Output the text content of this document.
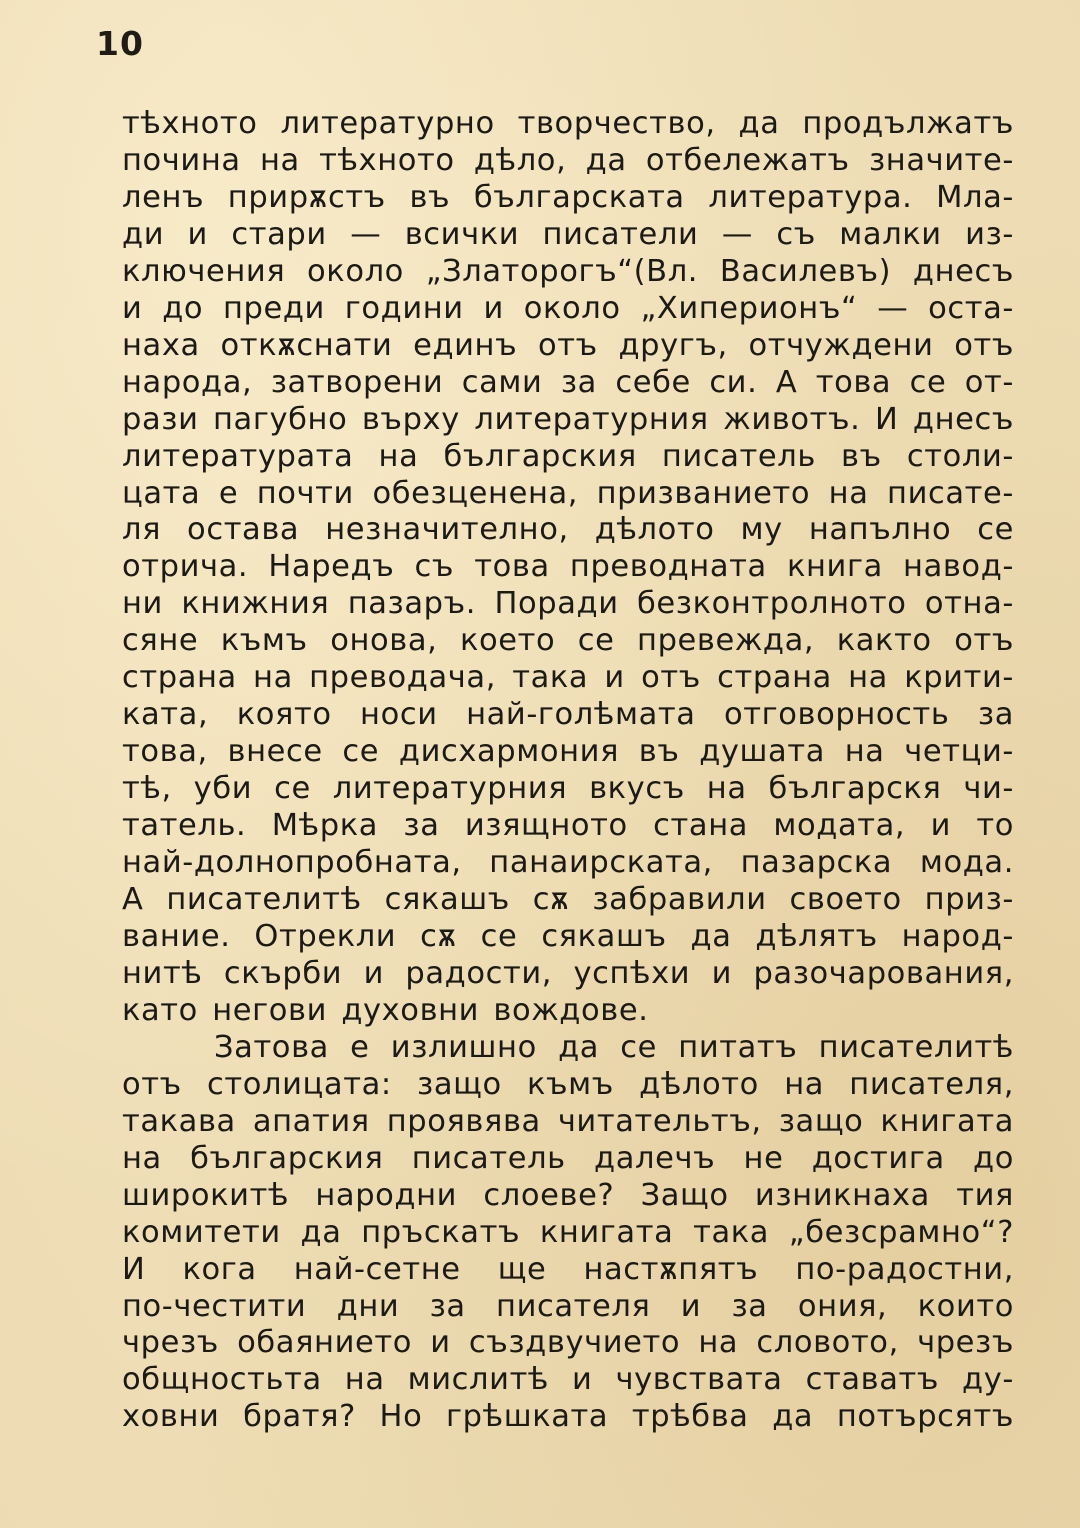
10
тѣхното литературно творчество, да продължатъ
почина на тѣхното дѣло, да отбележатъ значите-
ленъ прирѫстъ въ българската литература. Мла-
ди и стари — всички писатели — съ малки из-
ключения около „Златорогъ“(Вл. Василевъ) днесъ
и до преди години и около „Хиперионъ“ — оста-
наха откѫснати единъ отъ другъ, отчуждени отъ
народа, затворени сами за себе си. А това се от-
рази пагубно върху литературния животъ. И днесъ
литературата на българския писатель въ столи-
цата е почти обезценена, призванието на писате-
ля остава незначително, дѣлото му напълно се
отрича. Наредъ съ това преводната книга навод-
ни книжния пазаръ. Поради безконтролното отна-
сяне къмъ онова, което се превежда, както отъ
страна на преводача, така и отъ страна на крити-
ката, която носи най-голѣмата отговорность за
това, внесе се дисхармония въ душата на четци-
тѣ, уби се литературния вкусъ на българскя чи-
татель. Мѣрка за изящното стана модата, и то
най-долнопробната, панаирската, пазарска мода.
А писателитѣ сякашъ сѫ забравили своето приз-
вание. Отрекли сѫ се сякашъ да дѣлятъ народ-
нитѣ скърби и радости, успѣхи и разочарования,
като негови духовни вождове.
Затова е излишно да се питатъ писателитѣ
отъ столицата: защо къмъ дѣлото на писателя,
такава апатия проявява читательтъ, защо книгата
на българския писатель далечъ не достига до
широкитѣ народни слоеве? Защо изникнаха тия
комитети да пръскатъ книгата така „безсрамно“?
И кога най-сетне ще настѫпятъ по-радостни,
по-честити дни за писателя и за ония, които
чрезъ обаянието и създвучието на словото, чрезъ
общностьта на мислитѣ и чувствата ставатъ ду-
ховни братя? Но грѣшката трѣбва да потърсятъ
